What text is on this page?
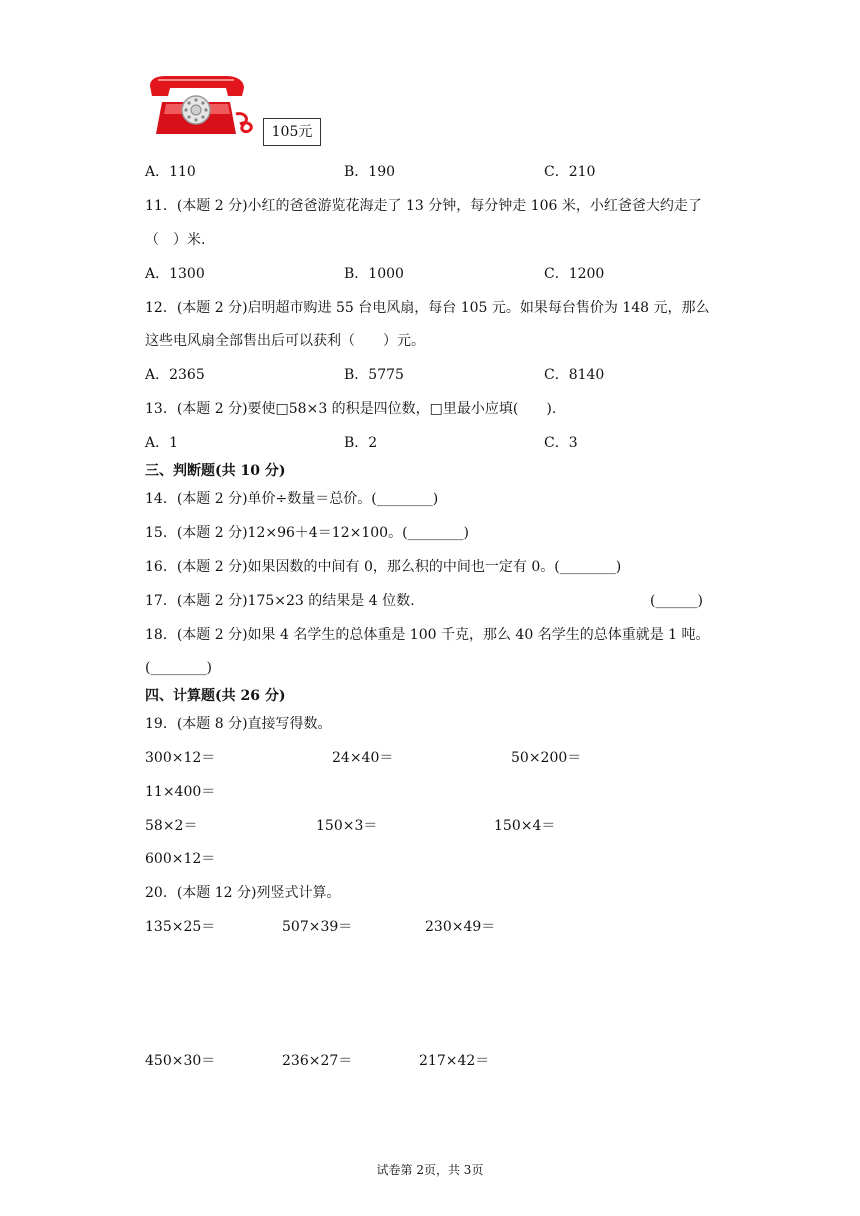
105元
A．110	B．190	C．210
11．(本题 2 分)小红的爸爸游览花海走了 13 分钟，每分钟走 106 米，小红爸爸大约走了
（　）米.
A．1300	B．1000	C．1200
12．(本题 2 分)启明超市购进 55 台电风扇，每台 105 元。如果每台售价为 148 元，那么
这些电风扇全部售出后可以获利（　　）元。
A．2365	B．5775	C．8140
13．(本题 2 分)要使□58×3 的积是四位数，□里最小应填(　　).
A．1	B．2	C．3
三、判断题(共 10 分)
14．(本题 2 分)单价÷数量＝总价。(________)
15．(本题 2 分)12×96＋4＝12×100。(________)
16．(本题 2 分)如果因数的中间有 0，那么积的中间也一定有 0。(________)
17．(本题 2 分)175×23 的结果是 4 位数.	(______)
18．(本题 2 分)如果 4 名学生的总体重是 100 千克，那么 40 名学生的总体重就是 1 吨。
(________)
四、计算题(共 26 分)
19．(本题 8 分)直接写得数。
300×12＝	24×40＝	50×200＝
11×400＝
58×2＝	150×3＝	150×4＝
600×12＝
20．(本题 12 分)列竖式计算。
135×25＝	507×39＝	230×49＝
450×30＝	236×27＝	217×42＝
试卷第 2页，共 3页
